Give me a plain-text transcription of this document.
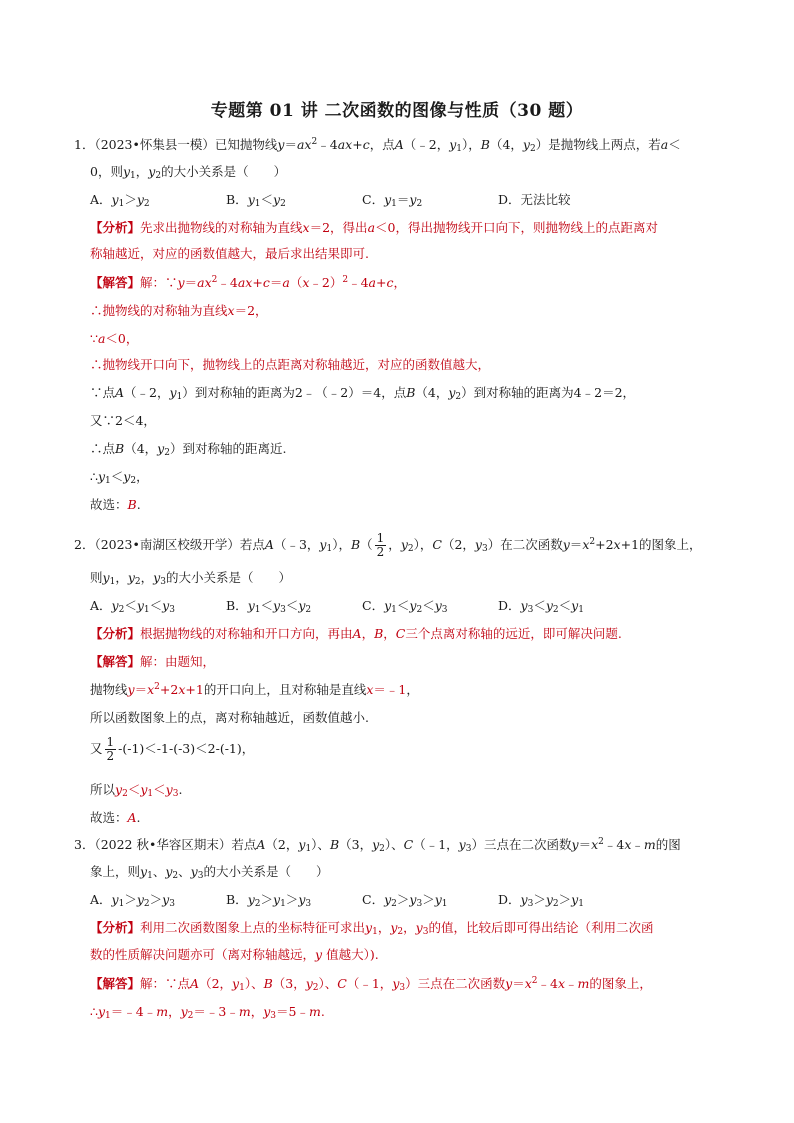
专题第 01 讲 二次函数的图像与性质（30 题）
1．（2023•怀集县一模）已知抛物线$y=ax^2﹣4ax+c$，点A（﹣2，$y_1$），B（4，$y_2$）是抛物线上两点，若a＜
0，则$y_1$，$y_2$的大小关系是（　　）
A．$y_1>y_2$	B．$y_1<y_2$	C．$y_1=y_2$	D．无法比较
【分析】先求出抛物线的对称轴为直线x＝2，得出a＜0，得出抛物线开口向下，则抛物线上的点距离对
称轴越近，对应的函数值越大，最后求出结果即可.
【解答】解：$\because y=ax^2﹣4ax+c=a(x﹣2)^2﹣4a+c$，
∴抛物线的对称轴为直线x＝2，
∵a＜0，
∴抛物线开口向下，抛物线上的点距离对称轴越近，对应的函数值越大，
∵点A（﹣2，$y_1$）到对称轴的距离为2﹣（﹣2）＝4，点B（4，$y_2$）到对称轴的距离为4﹣2＝2，
又∵2＜4，
∴点B（4，$y_2$）到对称轴的距离近.
$\therefore y_1<y_2$，
故选：B.
2．（2023•南湖区校级开学）若点A（﹣3，$y_1$），$B( \frac{1}{2}$ ，$y_2$），C（2，$y_3$）在二次函数$y=x^2+2x+1$的图象上，
则$y_1$，$y_2$，$y_3$的大小关系是（　　）
A．$y_2<y_1<y_3$	B．$y_1<y_3<y_2$	C．$y_1<y_2<y_3$	D．$y_3<y_2<y_1$
【分析】根据抛物线的对称轴和开口方向，再由A，B，C三个点离对称轴的远近，即可解决问题.
【解答】解：由题知，
抛物线$y=x^2+2x+1$的开口向上，且对称轴是直线x＝﹣1，
所以函数图象上的点，离对称轴越近，函数值越小.
又 $\frac{1}{2} -(-1)<-1-(-3)<2-(-1)$，
所以$y_2<y_1<y_3$.
故选：A.
3．（2022 秋•华容区期末）若点A（2，$y_1$）、B（3，$y_2$）、C（﹣1，$y_3$）三点在二次函数$y=x^2﹣4x﹣m$的图
象上，则$y_1$、$y_2$、$y_3$的大小关系是（　　）
A．$y_1>y_2>y_3$	B．$y_2>y_1>y_3$	C．$y_2>y_3>y_1$	D．$y_3>y_2>y_1$
【分析】利用二次函数图象上点的坐标特征可求出$y_1$，$y_2$，$y_3$的值，比较后即可得出结论（利用二次函
数的性质解决问题亦可（离对称轴越远，y 值越大）).
【解答】解：∵点A（2，$y_1$）、B（3，$y_2$）、C（﹣1，$y_3$）三点在二次函数$y=x^2﹣4x﹣m$的图象上，
$\therefore y_1=﹣4﹣m$，$y_2=﹣3﹣m$，$y_3=5﹣m$.
